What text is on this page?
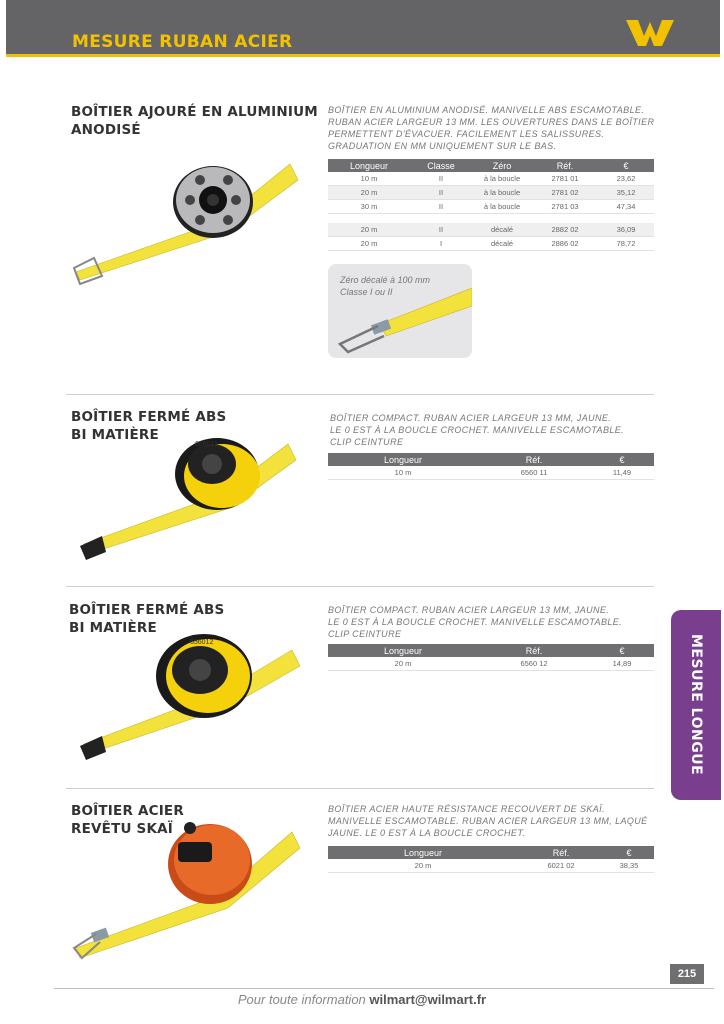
MESURE RUBAN ACIER
BOÎTIER AJOURÉ EN ALUMINIUM
ANODISÉ
BOÎTIER EN ALUMINIUM ANODISÉ. MANIVELLE ABS ESCAMOTABLE.
RUBAN ACIER LARGEUR 13 MM. LES OUVERTURES DANS LE BOÎTIER
PERMETTENT D'ÉVACUER. FACILEMENT LES SALISSURES.
GRADUATION EN MM UNIQUEMENT SUR LE BAS.
Longueur	Classe	Zéro	Réf.	€
10 m	II	à la boucle	2781 01	23,62
20 m	II	à la boucle	2781 02	35,12
30 m	II	à la boucle	2781 03	47,34

20 m	II	décalé	2882 02	36,09
20 m	I	décalé	2886 02	78,72
Zéro décalé à 100 mm
Classe I ou II
BOÎTIER FERMÉ ABS
BI MATIÈRE
656011
BOÎTIER COMPACT. RUBAN ACIER LARGEUR 13 MM, JAUNE.
LE 0 EST À LA BOUCLE CROCHET. MANIVELLE ESCAMOTABLE.
CLIP CEINTURE
Longueur	Réf.	€
10 m	6560 11	11,49
BOÎTIER FERMÉ ABS
BI MATIÈRE
656012
BOÎTIER COMPACT. RUBAN ACIER LARGEUR 13 MM, JAUNE.
LE 0 EST À LA BOUCLE CROCHET. MANIVELLE ESCAMOTABLE.
CLIP CEINTURE
Longueur	Réf.	€
20 m	6560 12	14,89
BOÎTIER ACIER
REVÊTU SKAÏ
BOÎTIER ACIER HAUTE RÉSISTANCE RECOUVERT DE SKAÏ.
MANIVELLE ESCAMOTABLE. RUBAN ACIER LARGEUR 13 MM, LAQUÉ
JAUNE. LE 0 EST À LA BOUCLE CROCHET.
Longueur	Réf.	€
20 m	6021 02	38,35
MESURE LONGUE
215
Pour toute information wilmart@wilmart.fr
